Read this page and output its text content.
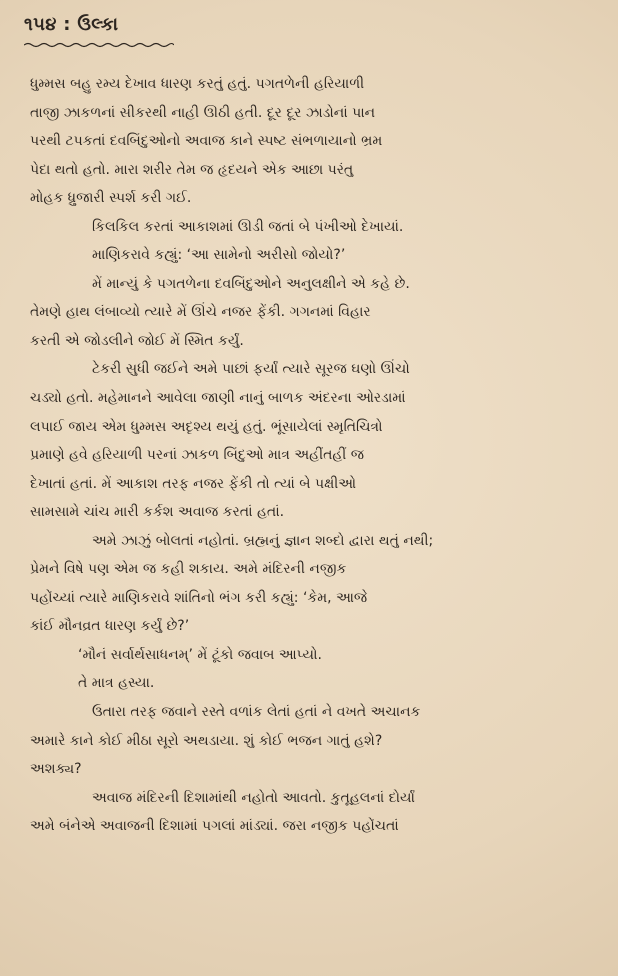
૧૫૪ : ઉલ્કા
ધુમ્મસ બહુ રમ્ય દેખાવ ધારણ કરતું હતું. પગતળેની હરિયાળી
તાજી ઝાકળનાં સીકરથી નાહી ઊઠી હતી. દૂર દૂર ઝાડોનાં પાન
પરથી ટપકતાં દવબિંદુઓનો અવાજ કાને સ્પષ્ટ સંભળાયાનો ભ્રમ
પેદા થતો હતો. મારા શરીર તેમ જ હૃદયને એક આછા પરંતુ
મોહક ધ્રુજારી સ્પર્શ કરી ગઈ.
કિલકિલ કરતાં આકાશમાં ઊડી જતાં બે પંખીઓ દેખાયાં.
માણિકરાવે કહ્યું: ‘આ સામેનો અરીસો જોયો?’
મેં માન્યું કે પગતળેના દવબિંદુઓને અનુલક્ષીને એ કહે છે.
તેમણે હાથ લંબાવ્યો ત્યારે મેં ઊંચે નજર ફેંકી. ગગનમાં વિહાર
કરતી એ જોડલીને જોઈ મેં સ્મિત કર્યું.
ટેકરી સુધી જઈને અમે પાછાં ફર્યાં ત્યારે સૂરજ ઘણો ઊંચો
ચડ્યો હતો. મહેમાનને આવેલા જાણી નાનું બાળક અંદરના ઓરડામાં
લપાઈ જાય એમ ધુમ્મસ અદૃશ્ય થયું હતું. ભૂંસાયેલાં સ્મૃતિચિત્રો
પ્રમાણે હવે હરિયાળી પરનાં ઝાકળ બિંદુઓ માત્ર અહીંતહીં જ
દેખાતાં હતાં. મેં આકાશ તરફ નજર ફેંકી તો ત્યાં બે પક્ષીઓ
સામસામે ચાંચ મારી કર્કશ અવાજ કરતાં હતાં.
અમે ઝાઝું બોલતાં નહોતાં. બ્રહ્મનું જ્ઞાન શબ્દો દ્વારા થતું નથી;
પ્રેમને વિષે પણ એમ જ કહી શકાય. અમે મંદિરની નજીક
પહોંચ્યાં ત્યારે માણિકરાવે શાંતિનો ભંગ કરી કહ્યું: ‘કેમ, આજે
કાંઈ મૌનવ્રત ધારણ કર્યું છે?’
‘મૌનં સર્વાર્થસાધનમ્’ મેં ટૂંકો જવાબ આપ્યો.
તે માત્ર હસ્યા.
ઉતારા તરફ જવાને રસ્તે વળાંક લેતાં હતાં ને વખતે અચાનક
અમારે કાને કોઈ મીઠા સૂરો અથડાયા. શું કોઈ ભજન ગાતું હશે?
અશક્ય?
અવાજ મંદિરની દિશામાંથી નહોતો આવતો. કુતૂહલનાં દોર્યાં
અમે બંનેએ અવાજની દિશામાં પગલાં માંડ્યાં. જરા નજીક પહોંચતાં
